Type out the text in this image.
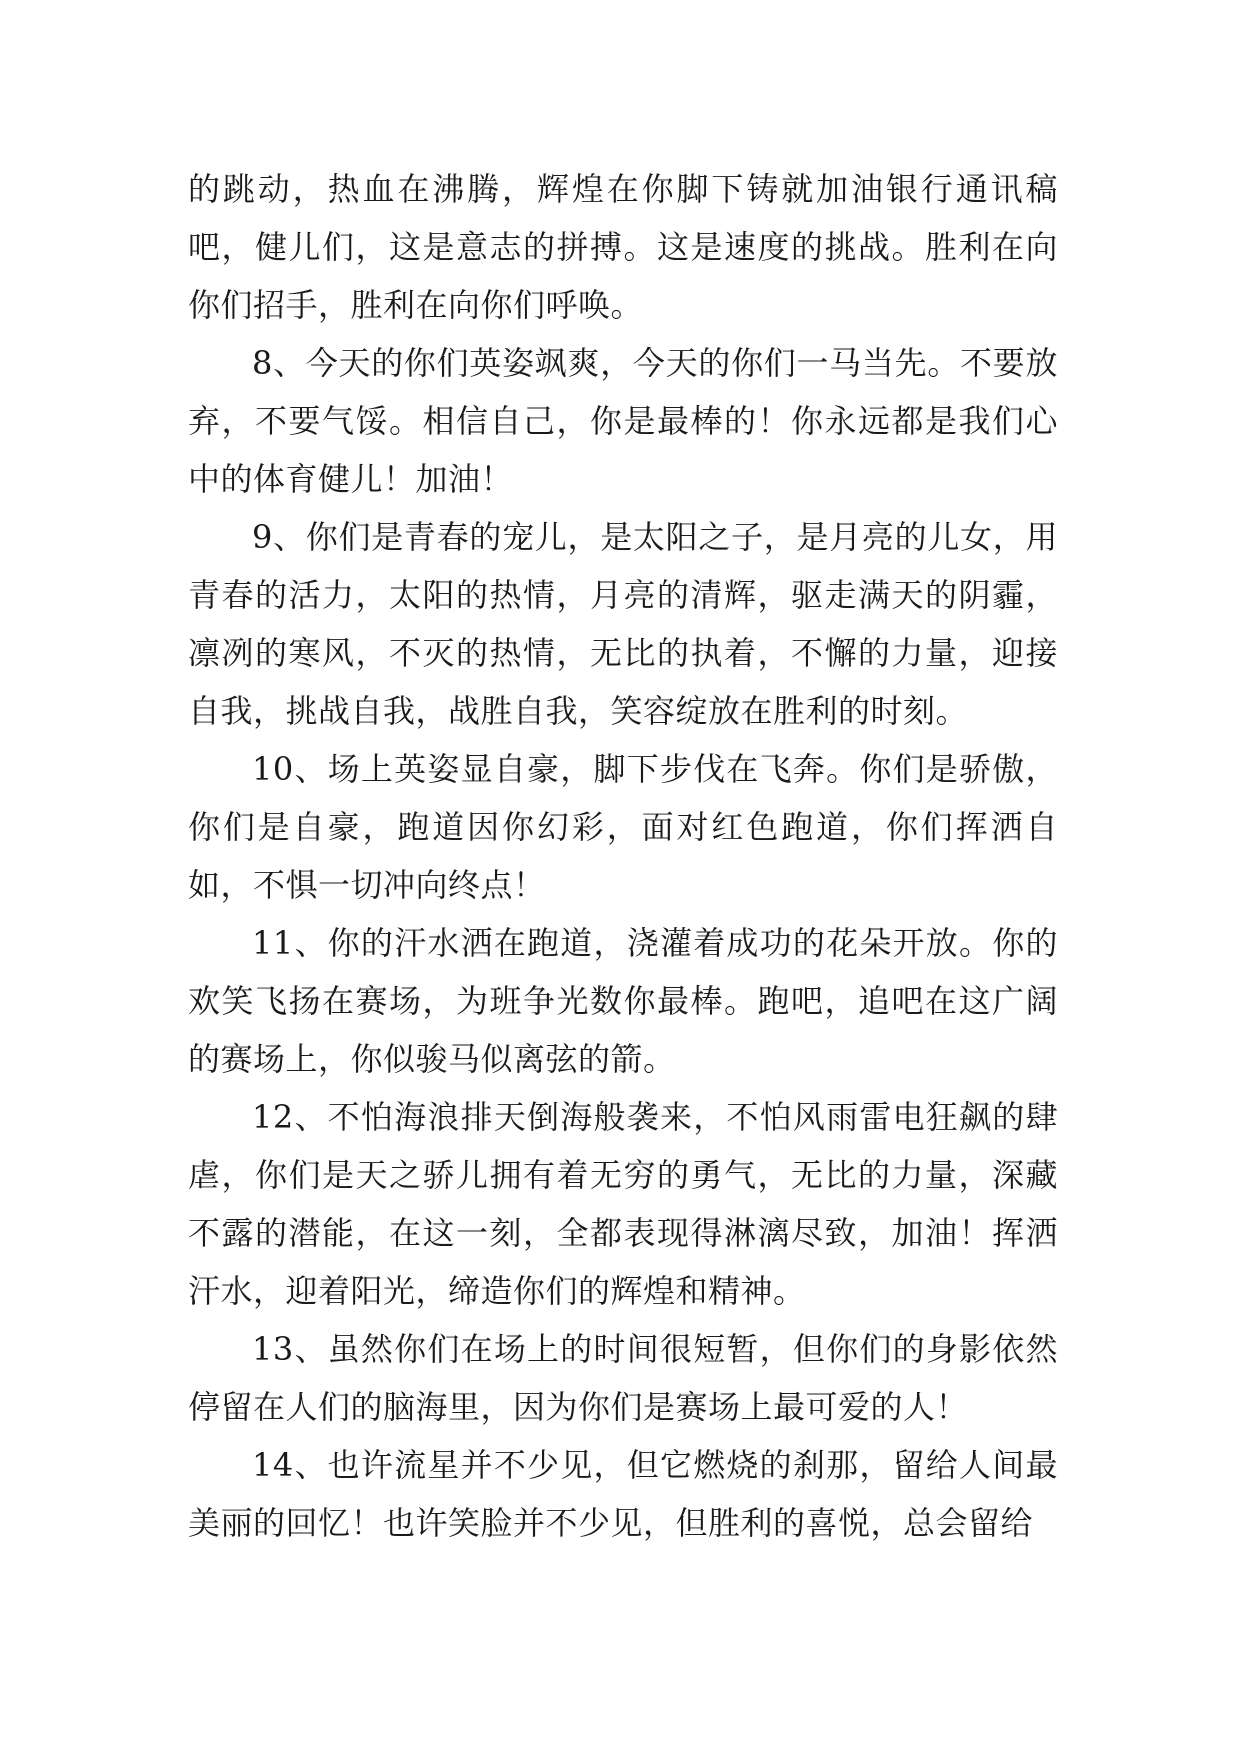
的跳动，热血在沸腾，辉煌在你脚下铸就加油银行通讯稿吧，健儿们，这是意志的拼搏。这是速度的挑战。胜利在向你们招手，胜利在向你们呼唤。

8、今天的你们英姿飒爽，今天的你们一马当先。不要放弃，不要气馁。相信自己，你是最棒的！你永远都是我们心中的体育健儿！加油！

9、你们是青春的宠儿，是太阳之子，是月亮的儿女，用青春的活力，太阳的热情，月亮的清辉，驱走满天的阴霾，凛冽的寒风，不灭的热情，无比的执着，不懈的力量，迎接自我，挑战自我，战胜自我，笑容绽放在胜利的时刻。

10、场上英姿显自豪，脚下步伐在飞奔。你们是骄傲，你们是自豪，跑道因你幻彩，面对红色跑道，你们挥洒自如，不惧一切冲向终点！

11、你的汗水洒在跑道，浇灌着成功的花朵开放。你的欢笑飞扬在赛场，为班争光数你最棒。跑吧，追吧在这广阔的赛场上，你似骏马似离弦的箭。

12、不怕海浪排天倒海般袭来，不怕风雨雷电狂飙的肆虐，你们是天之骄儿拥有着无穷的勇气，无比的力量，深藏不露的潜能，在这一刻，全都表现得淋漓尽致，加油！挥洒汗水，迎着阳光，缔造你们的辉煌和精神。

13、虽然你们在场上的时间很短暂，但你们的身影依然停留在人们的脑海里，因为你们是赛场上最可爱的人！

14、也许流星并不少见，但它燃烧的刹那，留给人间最美丽的回忆！也许笑脸并不少见，但胜利的喜悦，总会留给
